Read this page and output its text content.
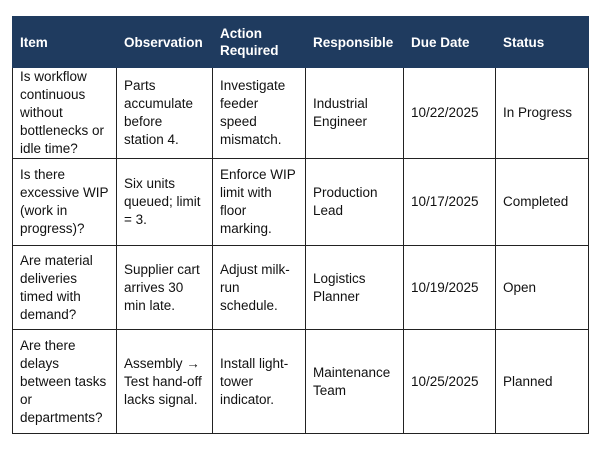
Item	Observation	Action Required	Responsible	Due Date	Status
Is workflow continuous without bottlenecks or idle time?	Parts accumulate before station 4.	Investigate feeder speed mismatch.	Industrial Engineer	10/22/2025	In Progress
Is there excessive WIP (work in progress)?	Six units queued; limit = 3.	Enforce WIP limit with floor marking.	Production Lead	10/17/2025	Completed
Are material deliveries timed with demand?	Supplier cart arrives 30 min late.	Adjust milk-run schedule.	Logistics Planner	10/19/2025	Open
Are there delays between tasks or departments?	Assembly → Test hand-off lacks signal.	Install light-tower indicator.	Maintenance Team	10/25/2025	Planned
